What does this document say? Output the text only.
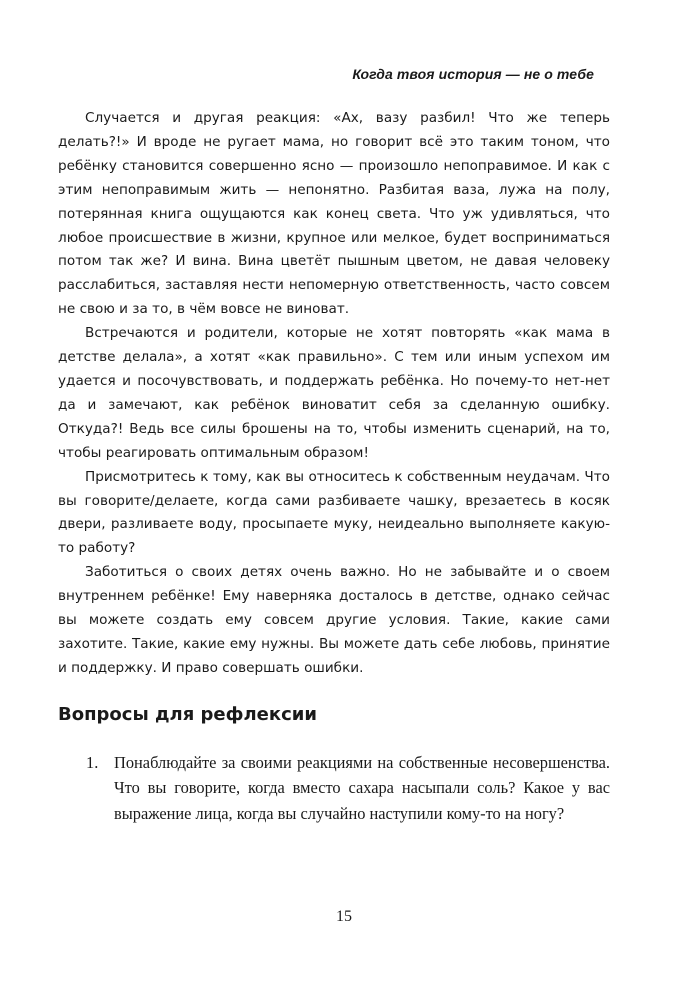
Когда твоя история — не о тебе

Случается и другая реакция: «Ах, вазу разбил! Что же теперь делать?!» И вроде не ругает мама, но говорит всё это таким тоном, что ребёнку становится совершенно ясно — произошло непоправимое. И как с этим непоправимым жить — непонятно. Разбитая ваза, лужа на полу, потерянная книга ощущаются как конец света. Что уж удивляться, что любое происшествие в жизни, крупное или мелкое, будет восприниматься потом так же? И вина. Вина цветёт пышным цветом, не давая человеку расслабиться, заставляя нести непомерную ответственность, часто совсем не свою и за то, в чём вовсе не виноват.

Встречаются и родители, которые не хотят повторять «как мама в детстве делала», а хотят «как правильно». С тем или иным успехом им удается и посочувствовать, и поддержать ребёнка. Но почему-то нет-нет да и замечают, как ребёнок виноватит себя за сделанную ошибку. Откуда?! Ведь все силы брошены на то, чтобы изменить сценарий, на то, чтобы реагировать оптимальным образом!

Присмотритесь к тому, как вы относитесь к собственным неудачам. Что вы говорите/делаете, когда сами разбиваете чашку, врезаетесь в косяк двери, разливаете воду, просыпаете муку, неидеально выполняете какую-то работу?

Заботиться о своих детях очень важно. Но не забывайте и о своем внутреннем ребёнке! Ему наверняка досталось в детстве, однако сейчас вы можете создать ему совсем другие условия. Такие, какие сами захотите. Такие, какие ему нужны. Вы можете дать себе любовь, принятие и поддержку. И право совершать ошибки.

Вопросы для рефлексии
1. Понаблюдайте за своими реакциями на собственные несовершенства. Что вы говорите, когда вместо сахара насыпали соль? Какое у вас выражение лица, когда вы случайно наступили кому-то на ногу?
15
